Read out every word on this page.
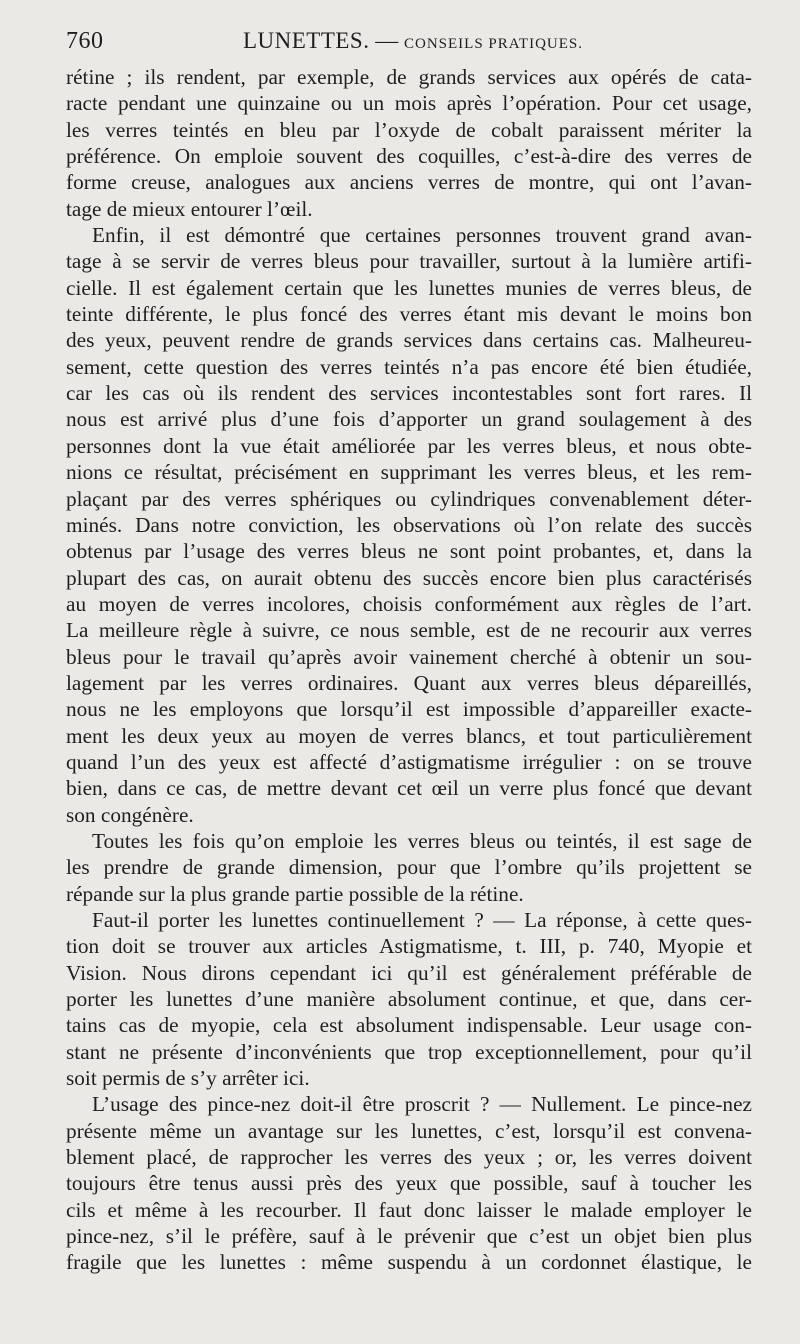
760	LUNETTES. — CONSEILS PRATIQUES.
rétine ; ils rendent, par exemple, de grands services aux opérés de cata-
racte pendant une quinzaine ou un mois après l’opération. Pour cet usage,
les verres teintés en bleu par l’oxyde de cobalt paraissent mériter la
préférence. On emploie souvent des coquilles, c’est-à-dire des verres de
forme creuse, analogues aux anciens verres de montre, qui ont l’avan-
tage de mieux entourer l’œil.
Enfin, il est démontré que certaines personnes trouvent grand avan-
tage à se servir de verres bleus pour travailler, surtout à la lumière artifi-
cielle. Il est également certain que les lunettes munies de verres bleus, de
teinte différente, le plus foncé des verres étant mis devant le moins bon
des yeux, peuvent rendre de grands services dans certains cas. Malheureu-
sement, cette question des verres teintés n’a pas encore été bien étudiée,
car les cas où ils rendent des services incontestables sont fort rares. Il
nous est arrivé plus d’une fois d’apporter un grand soulagement à des
personnes dont la vue était améliorée par les verres bleus, et nous obte-
nions ce résultat, précisément en supprimant les verres bleus, et les rem-
plaçant par des verres sphériques ou cylindriques convenablement déter-
minés. Dans notre conviction, les observations où l’on relate des succès
obtenus par l’usage des verres bleus ne sont point probantes, et, dans la
plupart des cas, on aurait obtenu des succès encore bien plus caractérisés
au moyen de verres incolores, choisis conformément aux règles de l’art.
La meilleure règle à suivre, ce nous semble, est de ne recourir aux verres
bleus pour le travail qu’après avoir vainement cherché à obtenir un sou-
lagement par les verres ordinaires. Quant aux verres bleus dépareillés,
nous ne les employons que lorsqu’il est impossible d’appareiller exacte-
ment les deux yeux au moyen de verres blancs, et tout particulièrement
quand l’un des yeux est affecté d’astigmatisme irrégulier : on se trouve
bien, dans ce cas, de mettre devant cet œil un verre plus foncé que devant
son congénère.
Toutes les fois qu’on emploie les verres bleus ou teintés, il est sage de
les prendre de grande dimension, pour que l’ombre qu’ils projettent se
répande sur la plus grande partie possible de la rétine.
Faut-il porter les lunettes continuellement ? — La réponse, à cette ques-
tion doit se trouver aux articles Astigmatisme, t. III, p. 740, Myopie et
Vision. Nous dirons cependant ici qu’il est généralement préférable de
porter les lunettes d’une manière absolument continue, et que, dans cer-
tains cas de myopie, cela est absolument indispensable. Leur usage con-
stant ne présente d’inconvénients que trop exceptionnellement, pour qu’il
soit permis de s’y arrêter ici.
L’usage des pince-nez doit-il être proscrit ? — Nullement. Le pince-nez
présente même un avantage sur les lunettes, c’est, lorsqu’il est convena-
blement placé, de rapprocher les verres des yeux ; or, les verres doivent
toujours être tenus aussi près des yeux que possible, sauf à toucher les
cils et même à les recourber. Il faut donc laisser le malade employer le
pince-nez, s’il le préfère, sauf à le prévenir que c’est un objet bien plus
fragile que les lunettes : même suspendu à un cordonnet élastique, le
